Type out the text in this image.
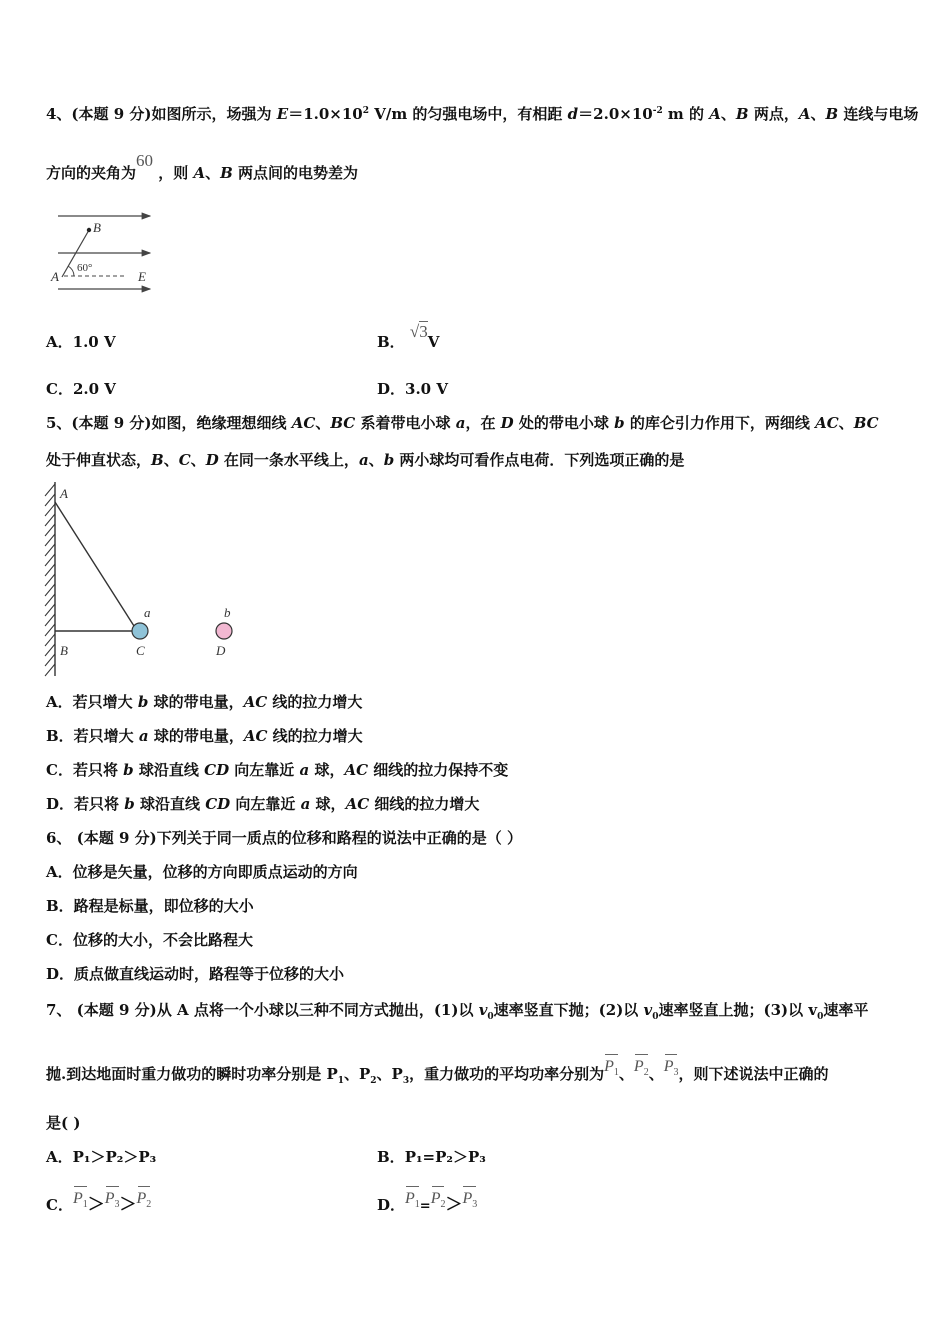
4、(本题 9 分)如图所示，场强为 $E=1.0\times 10^2$ V/m 的匀强电场中，有相距 $d=2.0\times 10^{-2}$ m 的 A、B 两点，A、B 连线与电场
方向的夹角为60 ，则 A、B 两点间的电势差为
B
A
60°
E
A．1.0 V	B． √3V
C．2.0 V	D．3.0 V
5、(本题 9 分)如图，绝缘理想细线 AC、BC 系着带电小球 a，在 D 处的带电小球 b 的库仑引力作用下，两细线 AC、BC
处于伸直状态，B、C、D 在同一条水平线上，a、b 两小球均可看作点电荷．下列选项正确的是
A
B	C	D
a	b
A．若只增大 b 球的带电量，AC 线的拉力增大
B．若只增大 a 球的带电量，AC 线的拉力增大
C．若只将 b 球沿直线 CD 向左靠近 a 球，AC 细线的拉力保持不变
D．若只将 b 球沿直线 CD 向左靠近 a 球，AC 细线的拉力增大
6、 (本题 9 分)下列关于同一质点的位移和路程的说法中正确的是（ ）
A．位移是矢量，位移的方向即质点运动的方向
B．路程是标量，即位移的大小
C．位移的大小，不会比路程大
D．质点做直线运动时，路程等于位移的大小
7、 (本题 9 分)从 A 点将一个小球以三种不同方式抛出，(1)以 $v_0$速率竖直下抛；(2)以 $v_0$速率竖直上抛；(3)以 $v_0$速率平
抛.到达地面时重力做功的瞬时功率分别是 $P_1$、$P_2$、$P_3$，重力做功的平均功率分别为$P_1$、$P_2$、$P_3$，则下述说法中正确的
是( )
A．P₁＞P₂＞P₃	B．P₁=P₂＞P₃
C．$P_1>P_3>P_2$	D．$P_1=P_2>P_3$
